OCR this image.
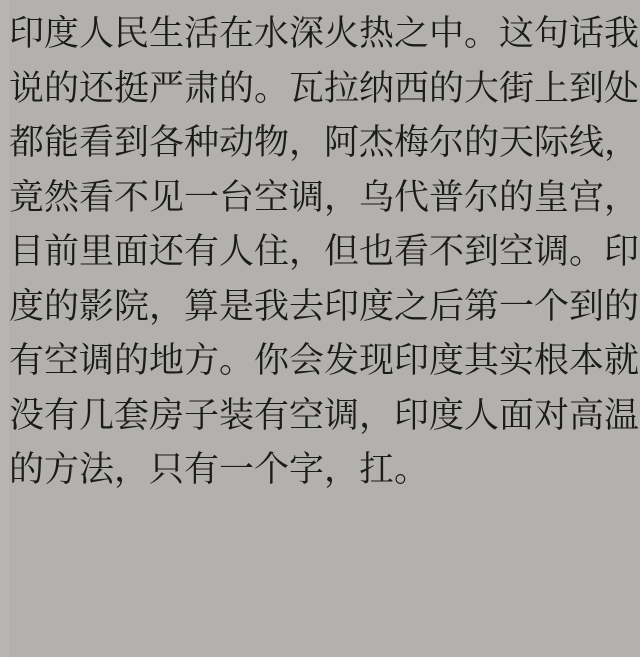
印度人民生活在水深火热之中。这句话我说的还挺严肃的。瓦拉纳西的大街上到处都能看到各种动物，阿杰梅尔的天际线，竟然看不见一台空调，乌代普尔的皇宫，目前里面还有人住，但也看不到空调。印度的影院，算是我去印度之后第一个到的有空调的地方。你会发现印度其实根本就没有几套房子装有空调，印度人面对高温的方法，只有一个字，扛。
